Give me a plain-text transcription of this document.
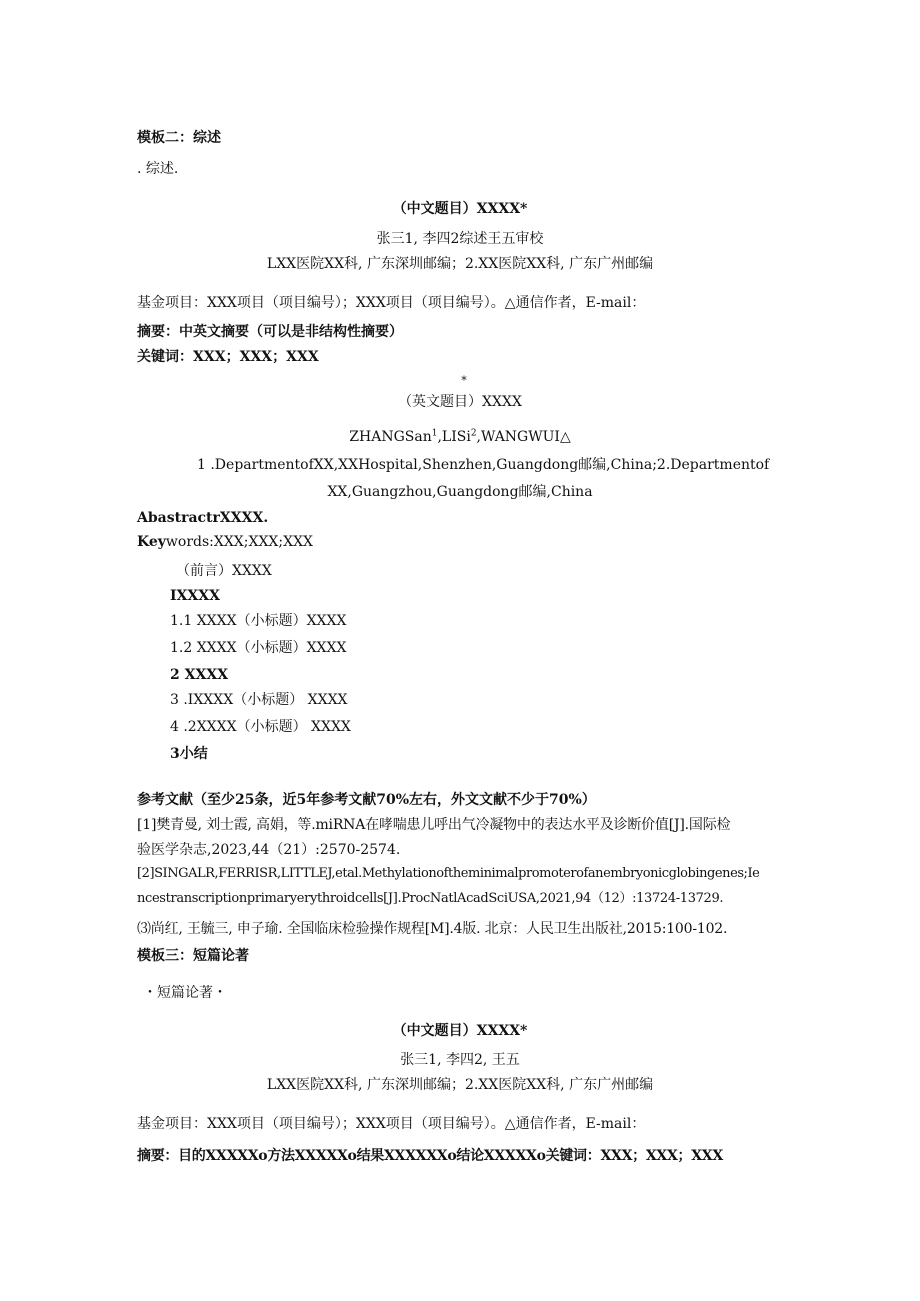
模板二：综述
. 综述.
（中文题目）XXXX*
张三1, 李四2综述王五审校
LXX医院XX科, 广东深圳邮编；2.XX医院XX科, 广东广州邮编
基金项目：XXX项目（项目编号）；XXX项目（项目编号）。△通信作者，E-mail：
摘要：中英文摘要（可以是非结构性摘要）
关键词：XXX；XXX；XXX
*
（英文题目）XXXX
ZHANGSan$^1$,LISi$^2$,WANGWUI△
1 .DepartmentofXX,XXHospital,Shenzhen,Guangdong邮编,China;2.Departmentof
XX,Guangzhou,Guangdong邮编,China
AbastractrXXXX.
Keywords:XXX;XXX;XXX
（前言）XXXX
IXXXX
1.1 XXXX（小标题）XXXX
1.2 XXXX（小标题）XXXX
2 XXXX
3 .IXXXX（小标题） XXXX
4 .2XXXX（小标题） XXXX
3小结
参考文献（至少25条，近5年参考文献70%左右，外文文献不少于70%）
[1]樊青曼, 刘士霞, 高娟，等.miRNA在哮喘患儿呼出气冷凝物中的表达水平及诊断价值[J].国际检
验医学杂志,2023,44（21）:2570-2574.
[2]SINGALR,FERRISR,LITTLEJ,etal.Methylationoftheminimalpromoterofanembryonicglobingenes;Ie
ncestranscriptionprimaryerythroidcells[J].ProcNatlAcadSciUSA,2021,94（12）:13724-13729.
⑶尚红, 王毓三, 申子瑜. 全国临床检验操作规程[M].4版. 北京：人民卫生出版社,2015:100-102.
模板三：短篇论著
・短篇论著・
（中文题目）XXXX*
张三1, 李四2, 王五
LXX医院XX科, 广东深圳邮编；2.XX医院XX科, 广东广州邮编
基金项目：XXX项目（项目编号）；XXX项目（项目编号）。△通信作者，E-mail：
摘要：目的XXXXXo方法XXXXXo结果XXXXXXo结论XXXXXo关键词：XXX；XXX；XXX
